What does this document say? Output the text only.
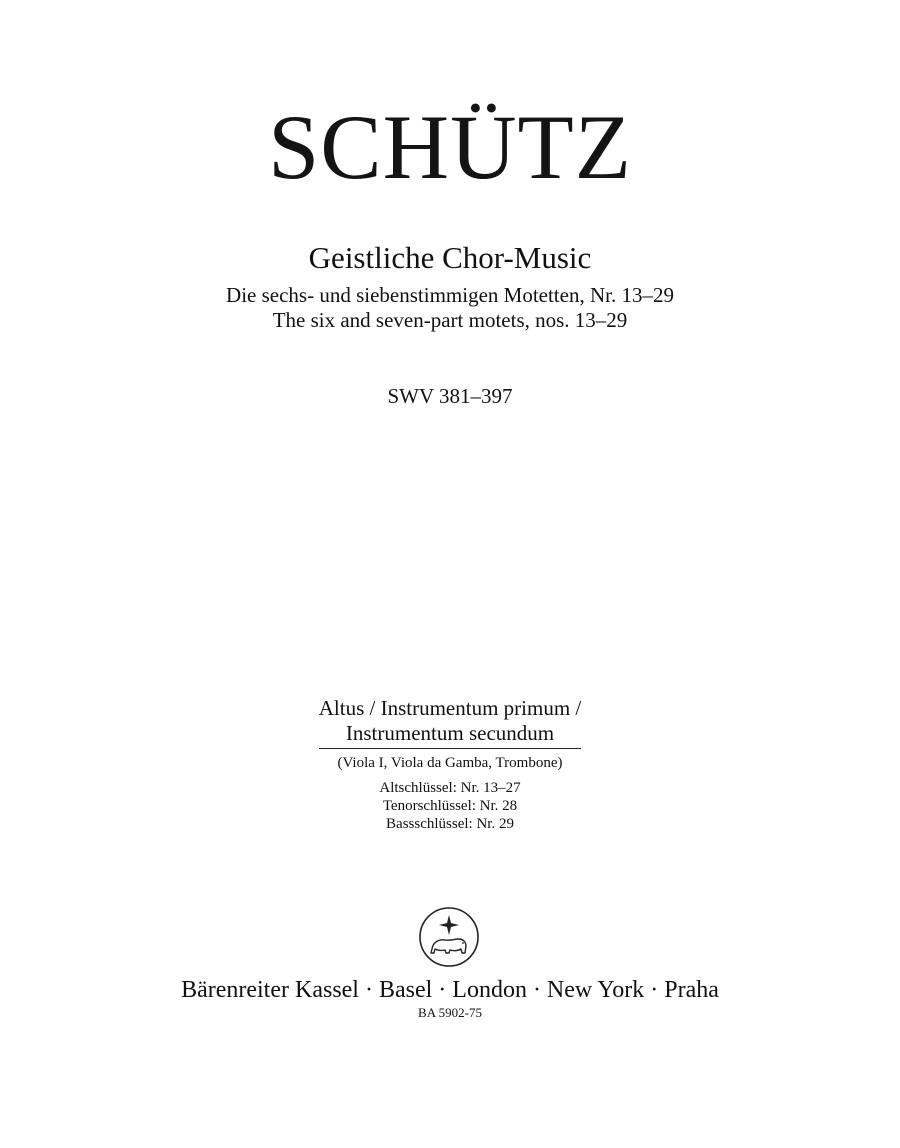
SCHÜTZ
Geistliche Chor-Music
Die sechs- und siebenstimmigen Motetten, Nr. 13–29
The six and seven-part motets, nos. 13–29
SWV 381–397
Altus / Instrumentum primum /
Instrumentum secundum
(Viola I, Viola da Gamba, Trombone)
Altschlüssel: Nr. 13–27
Tenorschlüssel: Nr. 28
Bassschlüssel: Nr. 29
Bärenreiter Kassel · Basel · London · New York · Praha
BA 5902-75
